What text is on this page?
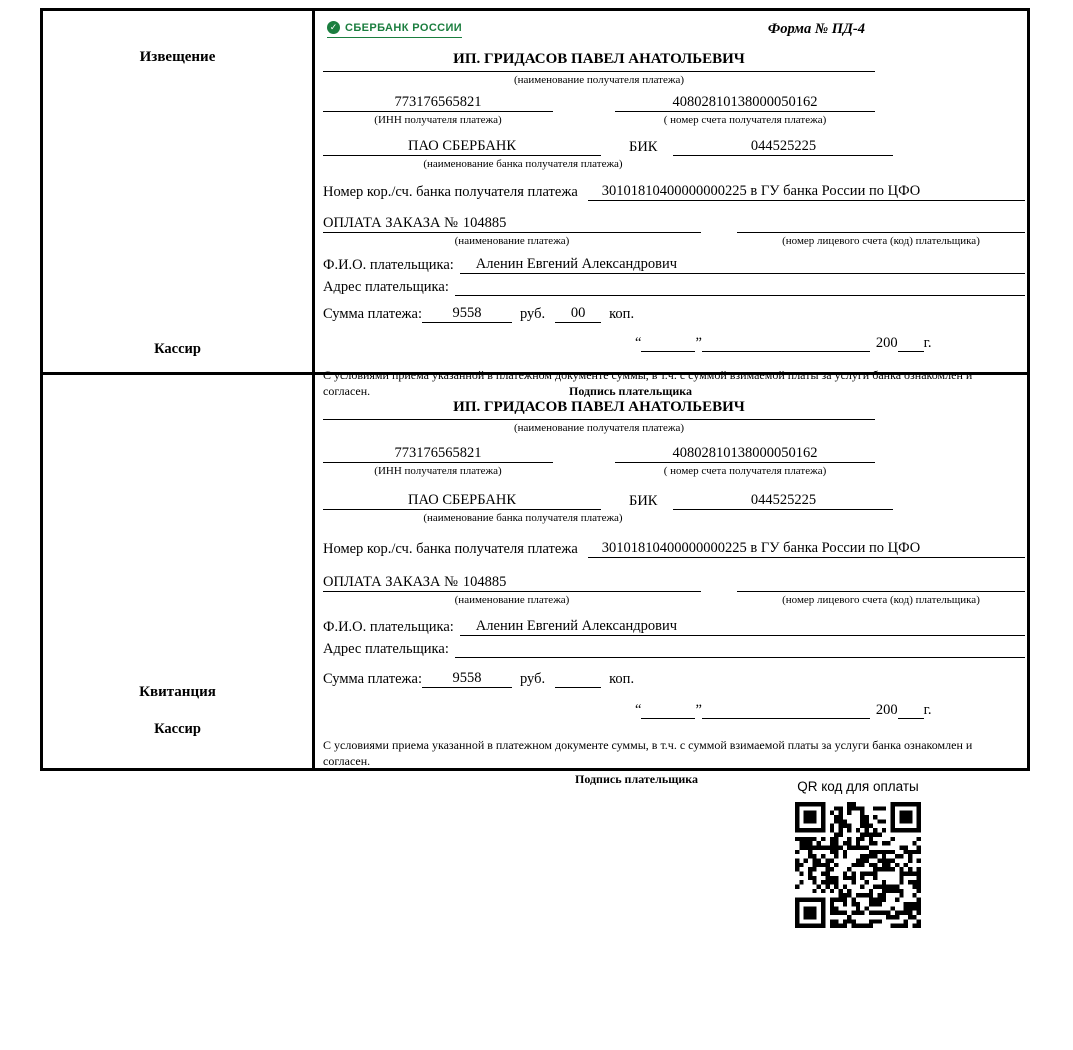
Извещение
Кассир
✓ СБЕРБАНК РОССИИ	Форма № ПД-4
ИП. ГРИДАСОВ ПАВЕЛ АНАТОЛЬЕВИЧ
(наименование получателя платежа)
773176565821	40802810138000050162
(ИНН получателя платежа)	( номер счета получателя платежа)
ПАО СБЕРБАНК	БИК	044525225
(наименование банка получателя платежа)
Номер кор./сч. банка получателя платежа	30101810400000000225 в ГУ банка России по ЦФО
ОПЛАТА ЗАКАЗА № 104885
(наименование платежа)	(номер лицевого счета (код) плательщика)
Ф.И.О. плательщика:	Аленин Евгений Александрович
Адрес плательщика:
Сумма платежа:	9558	руб.	00	коп.
“	”	200 г.

С условиями приема указанной в платежном документе суммы, в т.ч. с суммой взимаемой платы за услуги банка ознакомлен и согласен.	Подпись плательщика
Квитанция
Кассир
ИП. ГРИДАСОВ ПАВЕЛ АНАТОЛЬЕВИЧ
(наименование получателя платежа)
773176565821	40802810138000050162
(ИНН получателя платежа)	( номер счета получателя платежа)
ПАО СБЕРБАНК	БИК	044525225
(наименование банка получателя платежа)
Номер кор./сч. банка получателя платежа	30101810400000000225 в ГУ банка России по ЦФО
ОПЛАТА ЗАКАЗА № 104885
(наименование платежа)	(номер лицевого счета (код) плательщика)
Ф.И.О. плательщика:	Аленин Евгений Александрович
Адрес плательщика:
Сумма платежа:	9558	руб.	коп.
“	”	200 г.

С условиями приема указанной в платежном документе суммы, в т.ч. с суммой взимаемой платы за услуги банка ознакомлен и согласен.

Подпись плательщика	QR код для оплаты
